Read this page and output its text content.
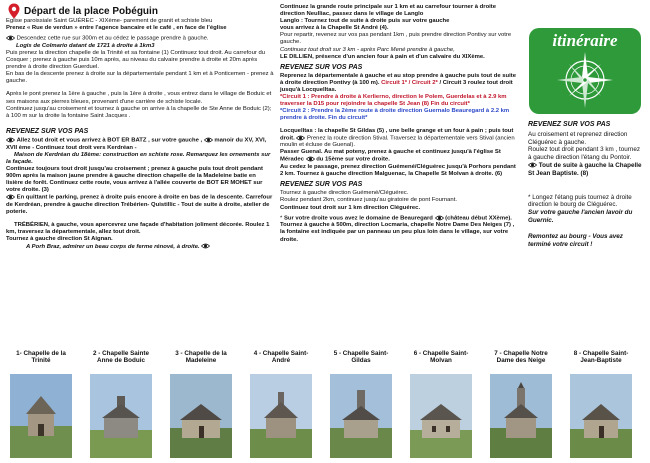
Départ de la place Pobéguin

Eglise paroissiale Saint GUÉREC - XIXème- parement de granit et schiste bleu
Prenez « Rue de verdun » entre l'agence bancaire et le café , en face de l'église

Descendez cette rue sur 300m et au cédez le passage prendre à gauche.
Logis de Colmario datant de 1721 à droite à 1km3
Puis prenez la direction chapelle de la Trinité et sa fontaine (1) Continuez tout droit. Au carrefour du Cosquer ; prenez à gauche puis 10m après, au niveau du calvaire prendre à droite et 20m après prendre à droite direction Guerduel.
En bas de la descente prenez à droite sur la départementale pendant 1 km et à Ponticemen - prenez à gauche.

Après le pont prenez la 1ère à gauche , puis la 1ère à droite , vous entrez dans le village de Boduic et ses maisons aux pierres bleues, provenant d'une carrière de schiste locale.
Continuez jusqu'au croisement et tournez à gauche on arrive à la chapelle de Ste Anne de Boduic (2); à 100 m sur la droite la fontaine Saint Jacques .

REVENEZ SUR VOS PAS

Allez tout droit et vous arrivez à BOT ER BATZ , sur votre gauche , manoir du XV, XVI, XVII ème - Continuez tout droit vers Kerdréan -
Maison de Kerdréan du 18ème: construction en schiste rose. Remarquez les ornements sur la façade.
Continuez toujours tout droit jusqu'au croisement ; prenez à gauche puis tout droit pendant 900m après la maison jaune prendre à gauche direction chapelle de la Madeleine batie en lisière de forêt. Continuez cette route, vous arrivez à l'allée couverte de BOT ER MOHET sur votre droite. (3)
En quittant le parking, prenez à droite puis encore à droite en bas de la descente. Carrefour de Kerdréan, prendre à gauche direction Trébérien- Quistillic - Tout de suite à droite, atelier de poterie.

TRÉBÉRIEN, à gauche, vous apercevrez une façade d'habitation joliment décorée. Roulez 1 km, traversez la départementale, allez tout droit.
Tournez à gauche direction St Aignan.
A Porh Braz, admirer un beau corps de ferme rénové, à droite.

Continuez la grande route principale sur 1 km et au carrefour tourner à droite direction Neulliac, passez dans le village de Langlo
Langlo : Tournez tout de suite à droite puis sur votre gauche
vous arrivez à la Chapelle St André (4).
Pour repartir, revenez sur vos pas pendant 1km , puis prendre direction Pontivy sur votre gauche.
Continuez tout droit sur 3 km - après Parc Mené prendre à gauche,
LE DILLIEN, présence d'un ancien four à pain et d'un calvaire du XIXème.

REVENEZ SUR VOS PAS

Reprenez la départementale à gauche et au stop prendre à gauche puis tout de suite à droite direction Pontivy (à 100 m). Circuit 1* / Circuit 2* / Circuit 3 roulez tout droit jusqu'à Locquelltas.
*Circuit 1 : Prendre à droite à Kerlierno, direction le Polem, Guerdelas et à 2.9 km traverser la D15 pour rejoindre la chapelle St Jean (8) Fin du circuit*
*Circuit 2 : Prendre la 2ème route à droite direction Guernalo Beauregard à 2.2 km prendre à droite. Fin du circuit*

Locquelltas : la chapelle St Gildas (5) , une belle grange et un four à pain ; puis tout droit. Prenez la route direction Stival. Traversez la départementale vers Stival (ancien moulin et écluse de Guenal).
Passer Guenal. Au mat poteny, prenez à gauche et continuez jusqu'à l'église St Méradec du 15ème sur votre droite.
Au cedez le passage, prenez direction Guémené/Cléguérec jusqu'à Porhors pendant 2 km. Tournez à gauche direction Malguenac, la Chapelle St Molvan à droite. (6)

REVENEZ SUR VOS PAS

Tournez à gauche direction Guémené/Cléguérec.
Roulez pendant 2km, continuez jusqu'au giratoire de pont Fournant.
Continuez tout droit sur 1 km direction Cléguérec.

* Sur votre droite vous avez le domaine de Beauregard (château début XXème).
Tournez à gauche à 500m, direction Locmaria, chapelle Notre Dame Des Neiges (7) , la fontaine est indiquée par un panneau un peu plus loin dans le village, sur votre droite.

itinéraire

REVENEZ SUR VOS PAS

Au croisement et reprenez direction Cléguérec à gauche.
Roulez tout droit pendant 3 km , tournez à gauche direction l'étang du Pontoir.
Tout de suite à gauche la Chapelle St Jean Baptiste. (8)

* Longez l'étang puis tournez à droite direction le bourg de Cléguérec.
Sur votre gauche l'ancien lavoir du Guernic.

Remontez au bourg - Vous avez terminé votre circuit !

1- Chapelle de la Trinité
2 - Chapelle Sainte Anne de Boduic
3 - Chapelle de la Madeleine
4 - Chapelle Saint-André
5 - Chapelle Saint-Gildas
6 - Chapelle Saint-Molvan
7 - Chapelle Notre Dame des Neige
8 - Chapelle Saint-Jean-Baptiste
